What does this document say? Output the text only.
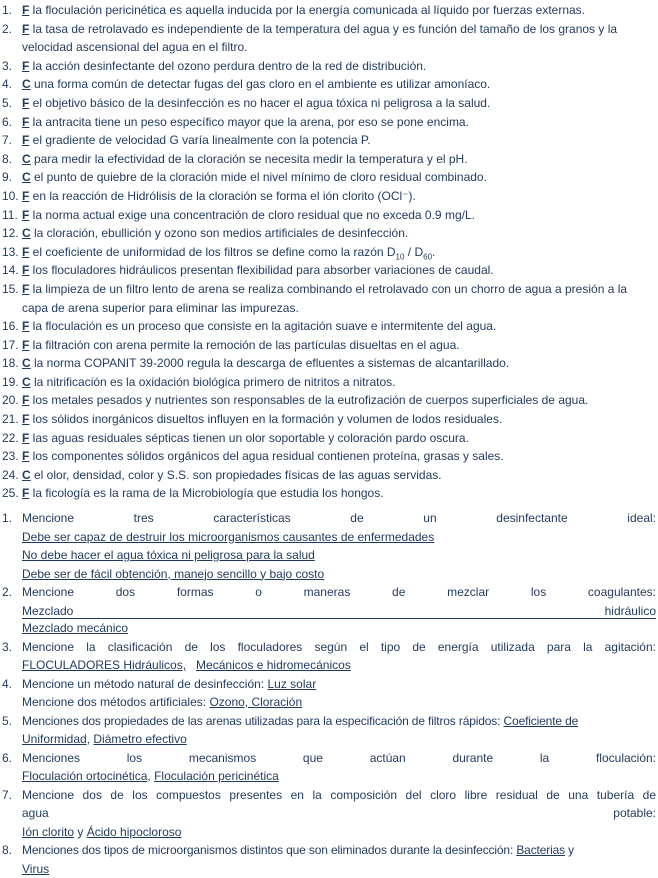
1. F la floculación pericinética es aquella inducida por la energía comunicada al líquido por fuerzas externas.
2. F la tasa de retrolavado es independiente de la temperatura del agua y es función del tamaño de los granos y la velocidad ascensional del agua en el filtro.
3. F la acción desinfectante del ozono perdura dentro de la red de distribución.
4. C una forma común de detectar fugas del gas cloro en el ambiente es utilizar amoníaco.
5. F el objetivo básico de la desinfección es no hacer el agua tóxica ni peligrosa a la salud.
6. F la antracita tiene un peso específico mayor que la arena, por eso se pone encima.
7. F el gradiente de velocidad G varía linealmente con la potencia P.
8. C para medir la efectividad de la cloración se necesita medir la temperatura y el pH.
9. C el punto de quiebre de la cloración mide el nivel mínimo de cloro residual combinado.
10. F en la reacción de Hidrólisis de la cloración se forma el ión clorito (OCl⁻).
11. F la norma actual exige una concentración de cloro residual que no exceda 0.9 mg/L.
12. C la cloración, ebullición y ozono son medios artificiales de desinfección.
13. F el coeficiente de uniformidad de los filtros se define como la razón $D_{10} / D_{60}$.
14. F los floculadores hidráulicos presentan flexibilidad para absorber variaciones de caudal.
15. F la limpieza de un filtro lento de arena se realiza combinando el retrolavado con un chorro de agua a presión a la capa de arena superior para eliminar las impurezas.
16. F la floculación es un proceso que consiste en la agitación suave e intermitente del agua.
17. F la filtración con arena permite la remoción de las partículas disueltas en el agua.
18. C la norma COPANIT 39-2000 regula la descarga de efluentes a sistemas de alcantarillado.
19. C la nitrificación es la oxidación biológica primero de nitritos a nitratos.
20. F los metales pesados y nutrientes son responsables de la eutrofización de cuerpos superficiales de agua.
21. F los sólidos inorgánicos disueltos influyen en la formación y volumen de lodos residuales.
22. F las aguas residuales sépticas tienen un olor soportable y coloración pardo oscura.
23. F los componentes sólidos orgánicos del agua residual contienen proteína, grasas y sales.
24. C el olor, densidad, color y S.S. son propiedades físicas de las aguas servidas.
25. F la ficología es la rama de la Microbiología que estudia los hongos.
1. Mencione tres características de un desinfectante ideal:
Debe ser capaz de destruir los microorganismos causantes de enfermedades
No debe hacer el agua tóxica ni peligrosa para la salud
Debe ser de fácil obtención, manejo sencillo y bajo costo
2. Mencione dos formas o maneras de mezclar los coagulantes:
Mezclado	hidráulico
Mezclado mecánico
3. Mencione la clasificación de los floculadores según el tipo de energía utilizada para la agitación:
FLOCULADORES Hidráulicos, Mecánicos e hidromecánicos
4. Mencione un método natural de desinfección: Luz solar
Mencione dos métodos artificiales: Ozono, Cloración
5. Menciones dos propiedades de las arenas utilizadas para la especificación de filtros rápidos: Coeficiente de
Uniformidad, Diámetro efectivo
6. Menciones los mecanismos que actúan durante la floculación:
Floculación ortocinética, Floculación pericinética
7. Mencione dos de los compuestos presentes en la composición del cloro libre residual de una tubería de
agua	potable:
Ión clorito y Ácido hipocloroso
8. Menciones dos tipos de microorganismos distintos que son eliminados durante la desinfección: Bacterias y
Virus
